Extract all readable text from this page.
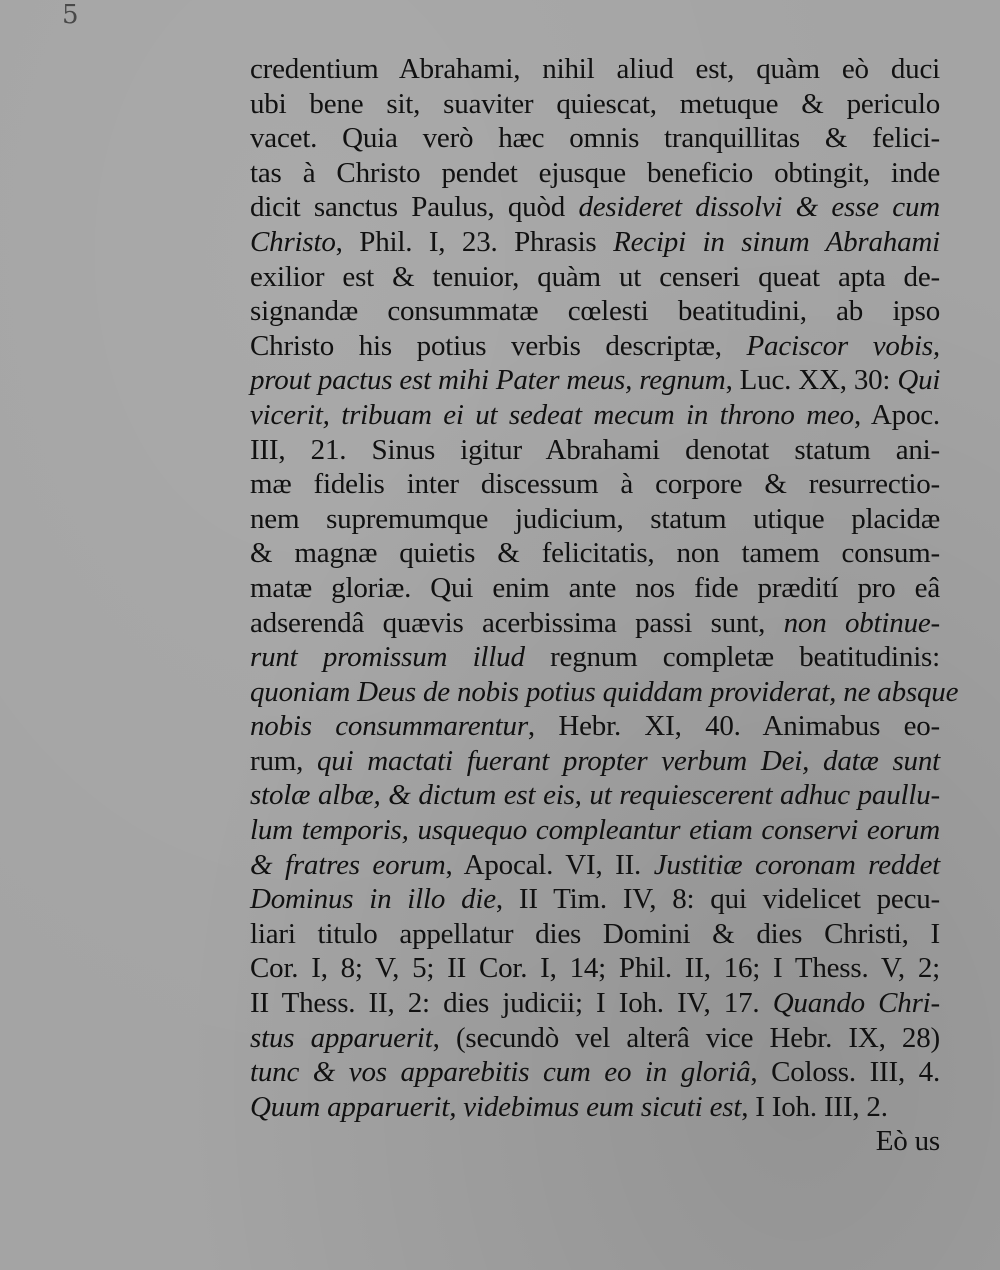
5
credentium Abrahami, nihil aliud est, quàm eò duci
ubi bene sit, suaviter quiescat, metuque & periculo
vacet. Quia verò hæc omnis tranquillitas & felici-
tas à Christo pendet ejusque beneficio obtingit, inde
dicit sanctus Paulus, quòd desideret dissolvi & esse cum
Christo, Phil. I, 23. Phrasis Recipi in sinum Abrahami
exilior est & tenuior, quàm ut censeri queat apta de-
signandæ consummatæ cœlesti beatitudini, ab ipso
Christo his potius verbis descriptæ, Paciscor vobis,
prout pactus est mihi Pater meus, regnum, Luc. XX, 30: Qui
vicerit, tribuam ei ut sedeat mecum in throno meo, Apoc.
III, 21. Sinus igitur Abrahami denotat statum ani-
mæ fidelis inter discessum à corpore & resurrectio-
nem supremumque judicium, statum utique placidæ
& magnæ quietis & felicitatis, non tamem consum-
matæ gloriæ. Qui enim ante nos fide prædití pro eâ
adserendâ quævis acerbissima passi sunt, non obtinue-
runt promissum illud regnum completæ beatitudinis:
quoniam Deus de nobis potius quiddam providerat, ne absque
nobis consummarentur, Hebr. XI, 40. Animabus eo-
rum, qui mactati fuerant propter verbum Dei, datæ sunt
stolæ albæ, & dictum est eis, ut requiescerent adhuc paullu-
lum temporis, usquequo compleantur etiam conservi eorum
& fratres eorum, Apocal. VI, II. Justitiæ coronam reddet
Dominus in illo die, II Tim. IV, 8: qui videlicet pecu-
liari titulo appellatur dies Domini & dies Christi, I
Cor. I, 8; V, 5; II Cor. I, 14; Phil. II, 16; I Thess. V, 2;
II Thess. II, 2: dies judicii; I Ioh. IV, 17. Quando Chri-
stus apparuerit, (secundò vel alterâ vice Hebr. IX, 28)
tunc & vos apparebitis cum eo in gloriâ, Coloss. III, 4.
Quum apparuerit, videbimus eum sicuti est, I Ioh. III, 2.
Eò us
